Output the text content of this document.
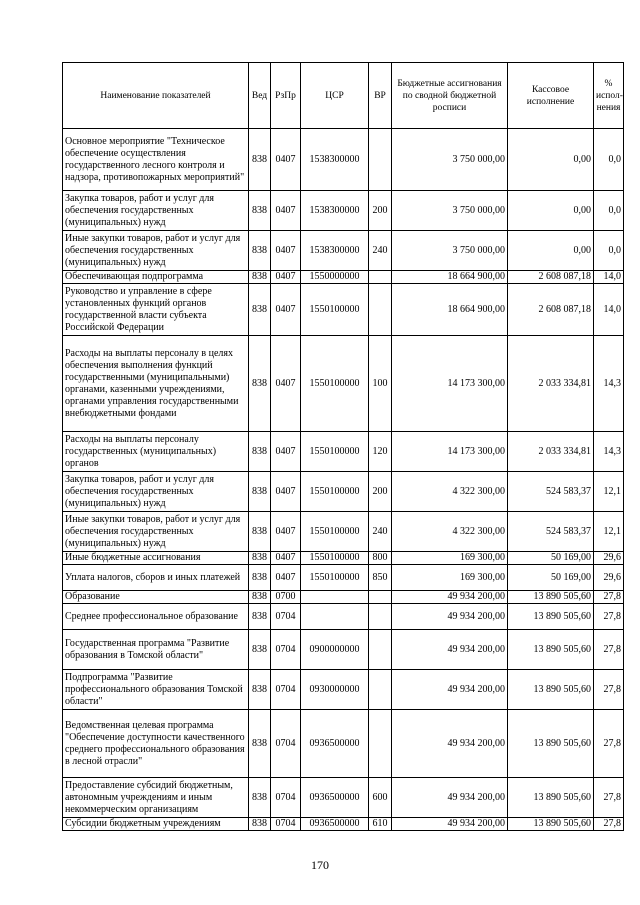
Наименование показателей	Вед	РзПр	ЦСР	ВР	Бюджетные ассигнования по сводной бюджетной росписи	Кассовое исполнение	% испол-нения
Основное мероприятие "Техническое обеспечение осуществления государственного лесного контроля и надзора, противопожарных мероприятий"	838	0407	1538300000		3 750 000,00	0,00	0,0
Закупка товаров, работ и услуг для обеспечения государственных (муниципальных) нужд	838	0407	1538300000	200	3 750 000,00	0,00	0,0
Иные закупки товаров, работ и услуг для обеспечения государственных (муниципальных) нужд	838	0407	1538300000	240	3 750 000,00	0,00	0,0
Обеспечивающая подпрограмма	838	0407	1550000000		18 664 900,00	2 608 087,18	14,0
Руководство и управление в сфере установленных функций органов государственной власти субъекта Российской Федерации	838	0407	1550100000		18 664 900,00	2 608 087,18	14,0
Расходы на выплаты персоналу в целях обеспечения выполнения функций государственными (муниципальными) органами, казенными учреждениями, органами управления государственными внебюджетными фондами	838	0407	1550100000	100	14 173 300,00	2 033 334,81	14,3
Расходы на выплаты персоналу государственных (муниципальных) органов	838	0407	1550100000	120	14 173 300,00	2 033 334,81	14,3
Закупка товаров, работ и услуг для обеспечения государственных (муниципальных) нужд	838	0407	1550100000	200	4 322 300,00	524 583,37	12,1
Иные закупки товаров, работ и услуг для обеспечения государственных (муниципальных) нужд	838	0407	1550100000	240	4 322 300,00	524 583,37	12,1
Иные бюджетные ассигнования	838	0407	1550100000	800	169 300,00	50 169,00	29,6
Уплата налогов, сборов и иных платежей	838	0407	1550100000	850	169 300,00	50 169,00	29,6
Образование	838	0700			49 934 200,00	13 890 505,60	27,8
Среднее профессиональное образование	838	0704			49 934 200,00	13 890 505,60	27,8
Государственная программа "Развитие образования в Томской области"	838	0704	0900000000		49 934 200,00	13 890 505,60	27,8
Подпрограмма "Развитие профессионального образования Томской области"	838	0704	0930000000		49 934 200,00	13 890 505,60	27,8
Ведомственная целевая программа "Обеспечение доступности качественного среднего профессионального образования в лесной отрасли"	838	0704	0936500000		49 934 200,00	13 890 505,60	27,8
Предоставление субсидий бюджетным, автономным учреждениям и иным некоммерческим организациям	838	0704	0936500000	600	49 934 200,00	13 890 505,60	27,8
Субсидии бюджетным учреждениям	838	0704	0936500000	610	49 934 200,00	13 890 505,60	27,8
170
